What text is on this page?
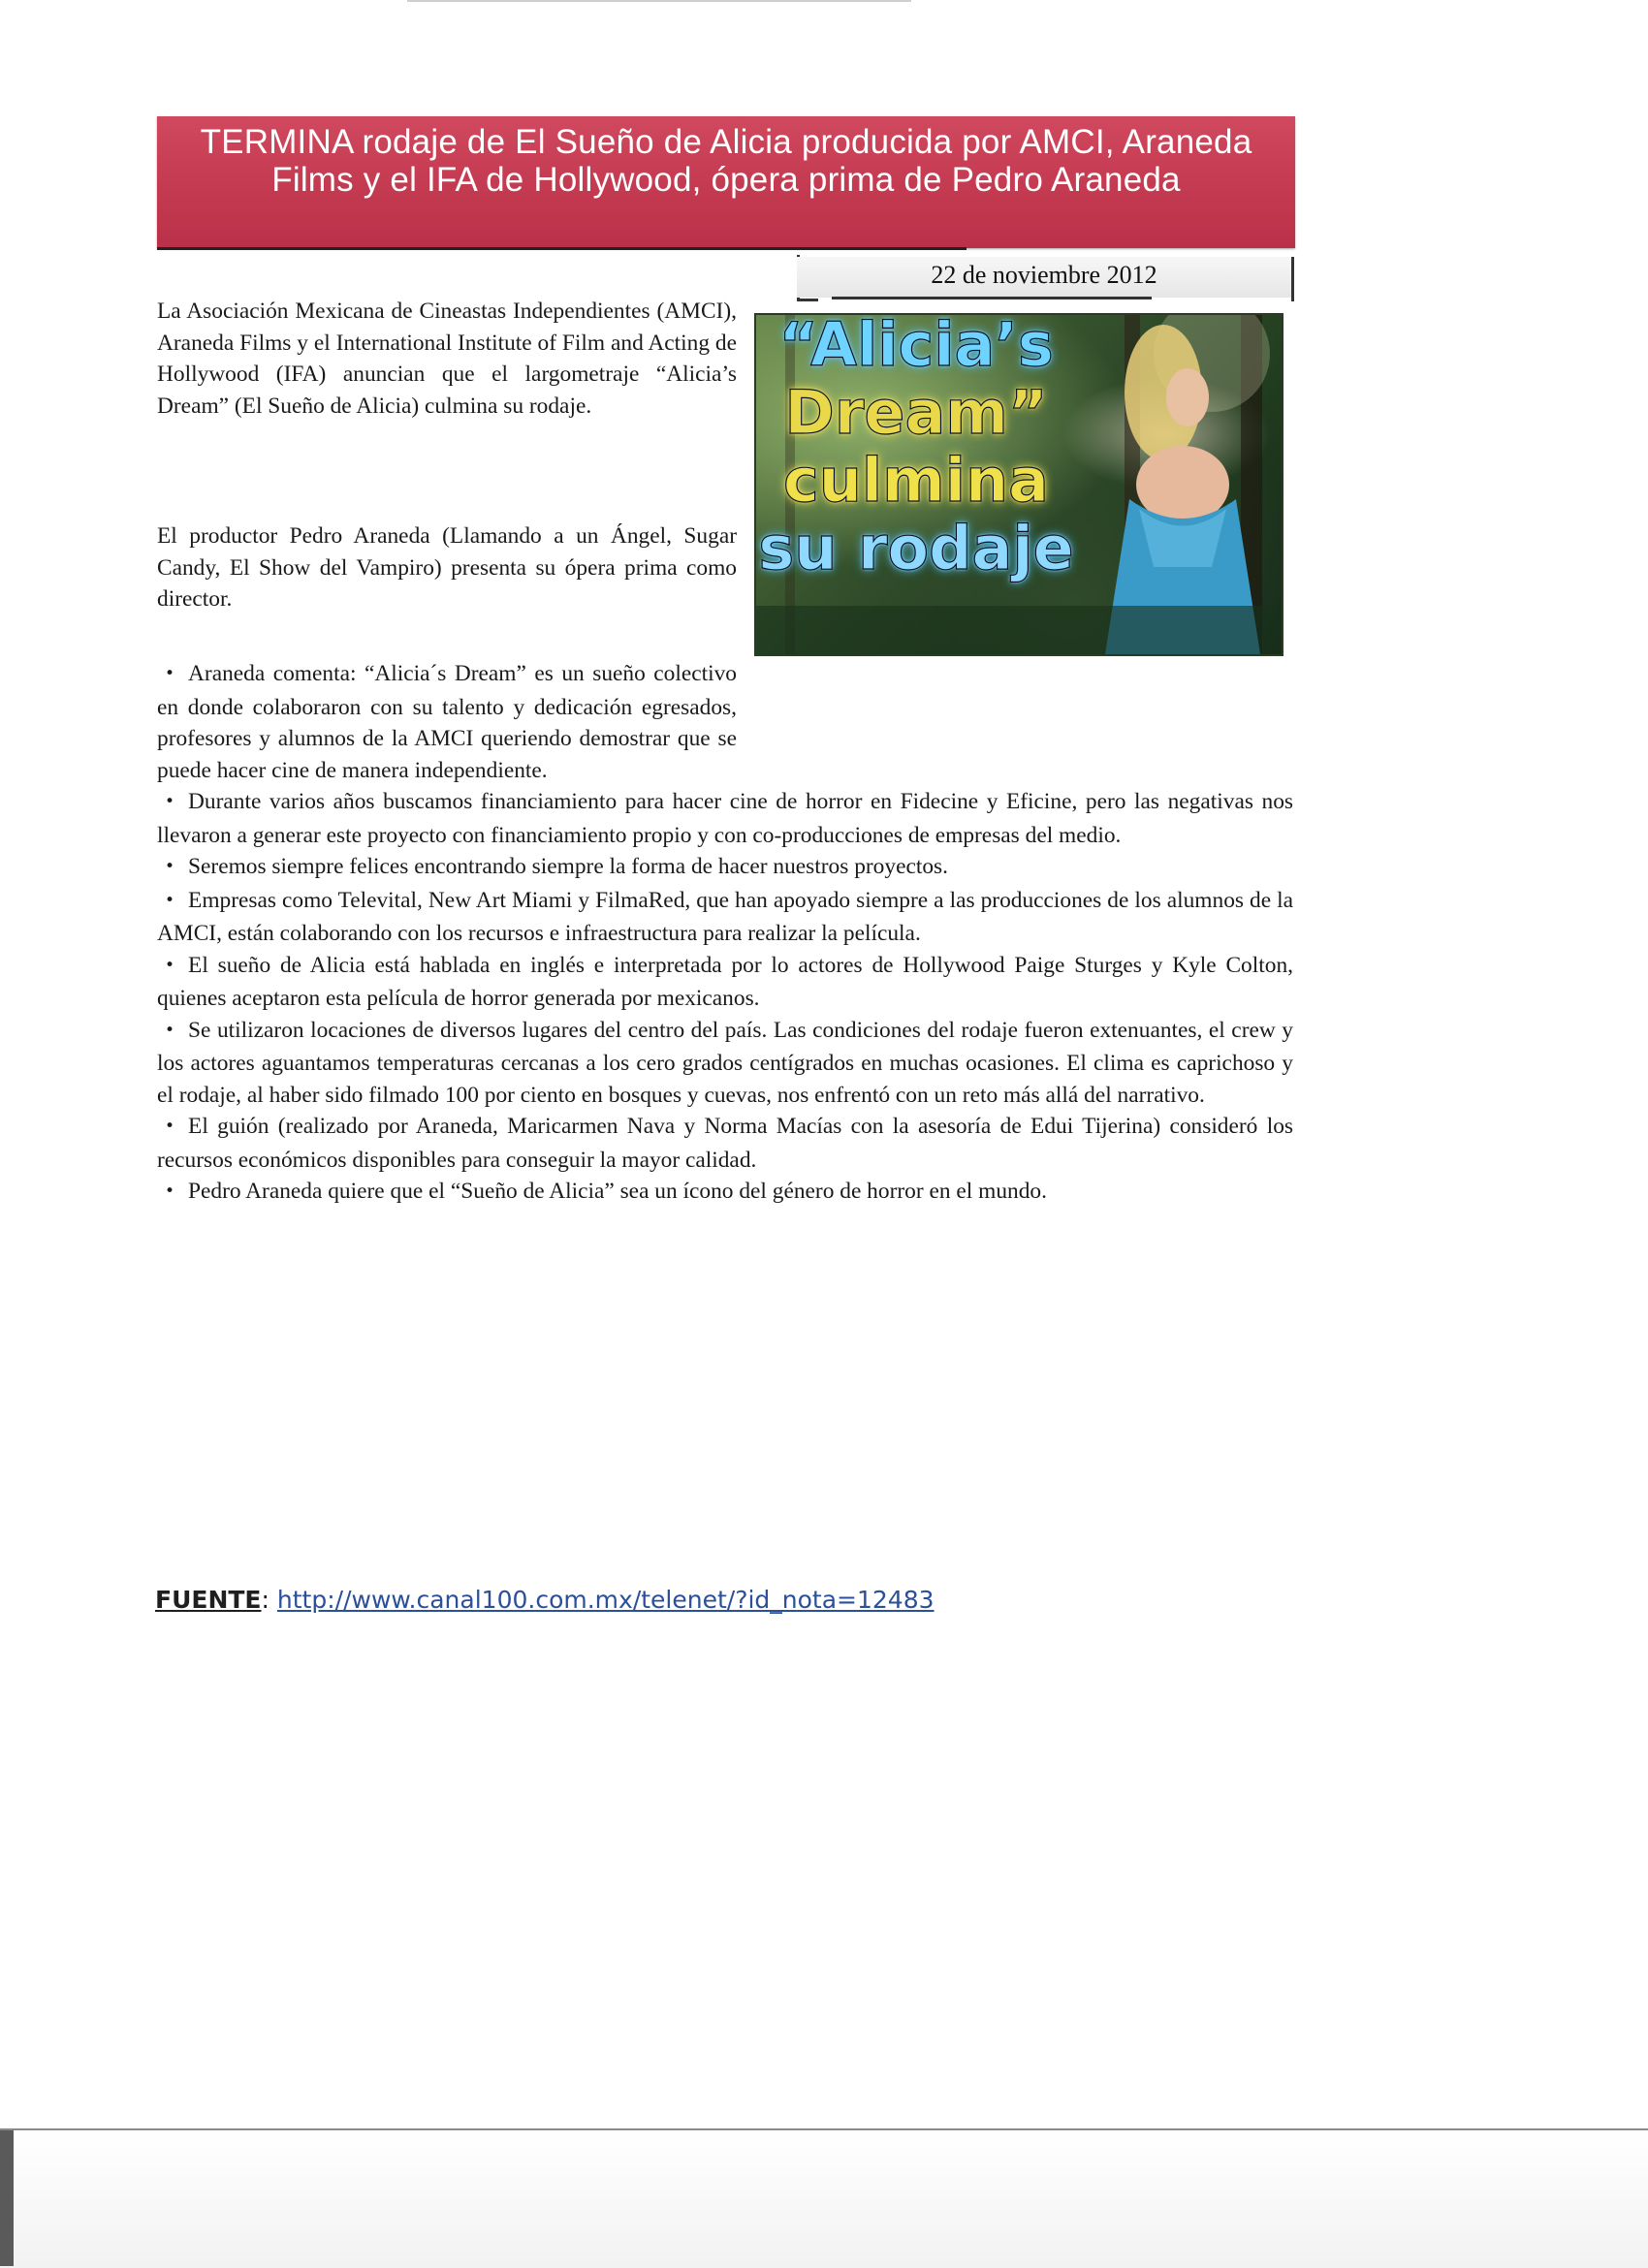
TERMINA rodaje de El Sueño de Alicia producida por AMCI, Araneda Films y el IFA de Hollywood, ópera prima de Pedro Araneda
22 de noviembre 2012

La Asociación Mexicana de Cineastas Independientes (AMCI), Araneda Films y el International Institute of Film and Acting de Hollywood (IFA) anuncian que el largometraje “Alicia’s Dream” (El Sueño de Alicia) culmina su rodaje.

El productor Pedro Araneda (Llamando a un Ángel, Sugar Candy, El Show del Vampiro) presenta su ópera prima como director.

“Alicia’s
Dream”
culmina
su rodaje

• Araneda comenta: “Alicia´s Dream” es un sueño colectivo en donde colaboraron con su talento y dedicación egresados, profesores y alumnos de la AMCI queriendo demostrar que se puede hacer cine de manera independiente.

• Durante varios años buscamos financiamiento para hacer cine de horror en Fidecine y Eficine, pero las negativas nos llevaron a generar este proyecto con financiamiento propio y con co-producciones de empresas del medio.

• Seremos siempre felices encontrando siempre la forma de hacer nuestros proyectos.

• Empresas como Televital, New Art Miami y FilmaRed, que han apoyado siempre a las producciones de los alumnos de la AMCI, están colaborando con los recursos e infraestructura para realizar la película.

• El sueño de Alicia está hablada en inglés e interpretada por lo actores de Hollywood Paige Sturges y Kyle Colton, quienes aceptaron esta película de horror generada por mexicanos.

• Se utilizaron locaciones de diversos lugares del centro del país. Las condiciones del rodaje fueron extenuantes, el crew y los actores aguantamos temperaturas cercanas a los cero grados centígrados en muchas ocasiones. El clima es caprichoso y el rodaje, al haber sido filmado 100 por ciento en bosques y cuevas, nos enfrentó con un reto más allá del narrativo.

• El guión (realizado por Araneda, Maricarmen Nava y Norma Macías con la asesoría de Edui Tijerina) consideró los recursos económicos disponibles para conseguir la mayor calidad.

• Pedro Araneda quiere que el “Sueño de Alicia” sea un ícono del género de horror en el mundo.

FUENTE: http://www.canal100.com.mx/telenet/?id_nota=12483
